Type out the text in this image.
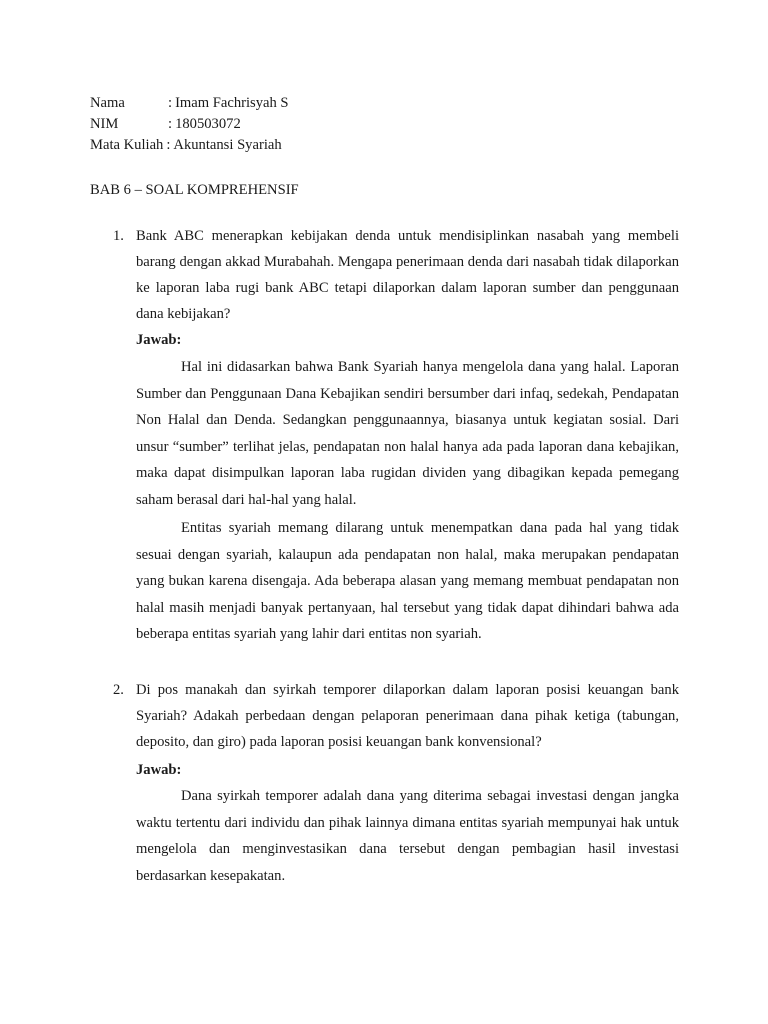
Nama	: Imam Fachrisyah S
NIM	: 180503072
Mata Kuliah : Akuntansi Syariah
BAB 6 – SOAL KOMPREHENSIF
1. Bank ABC menerapkan kebijakan denda untuk mendisiplinkan nasabah yang membeli barang dengan akkad Murabahah. Mengapa penerimaan denda dari nasabah tidak dilaporkan ke laporan laba rugi bank ABC tetapi dilaporkan dalam laporan sumber dan penggunaan dana kebijakan?
Jawab:
Hal ini didasarkan bahwa Bank Syariah hanya mengelola dana yang halal. Laporan Sumber dan Penggunaan Dana Kebajikan sendiri bersumber dari infaq, sedekah, Pendapatan Non Halal dan Denda. Sedangkan penggunaannya, biasanya untuk kegiatan sosial. Dari unsur “sumber” terlihat jelas, pendapatan non halal hanya ada pada laporan dana kebajikan, maka dapat disimpulkan laporan laba rugidan dividen yang dibagikan kepada pemegang saham berasal dari hal-hal yang halal.
Entitas syariah memang dilarang untuk menempatkan dana pada hal yang tidak sesuai dengan syariah, kalaupun ada pendapatan non halal, maka merupakan pendapatan yang bukan karena disengaja. Ada beberapa alasan yang memang membuat pendapatan non halal masih menjadi banyak pertanyaan, hal tersebut yang tidak dapat dihindari bahwa ada beberapa entitas syariah yang lahir dari entitas non syariah.
2. Di pos manakah dan syirkah temporer dilaporkan dalam laporan posisi keuangan bank Syariah? Adakah perbedaan dengan pelaporan penerimaan dana pihak ketiga (tabungan, deposito, dan giro) pada laporan posisi keuangan bank konvensional?
Jawab:
Dana syirkah temporer adalah dana yang diterima sebagai investasi dengan jangka waktu tertentu dari individu dan pihak lainnya dimana entitas syariah mempunyai hak untuk mengelola dan menginvestasikan dana tersebut dengan pembagian hasil investasi berdasarkan kesepakatan.
